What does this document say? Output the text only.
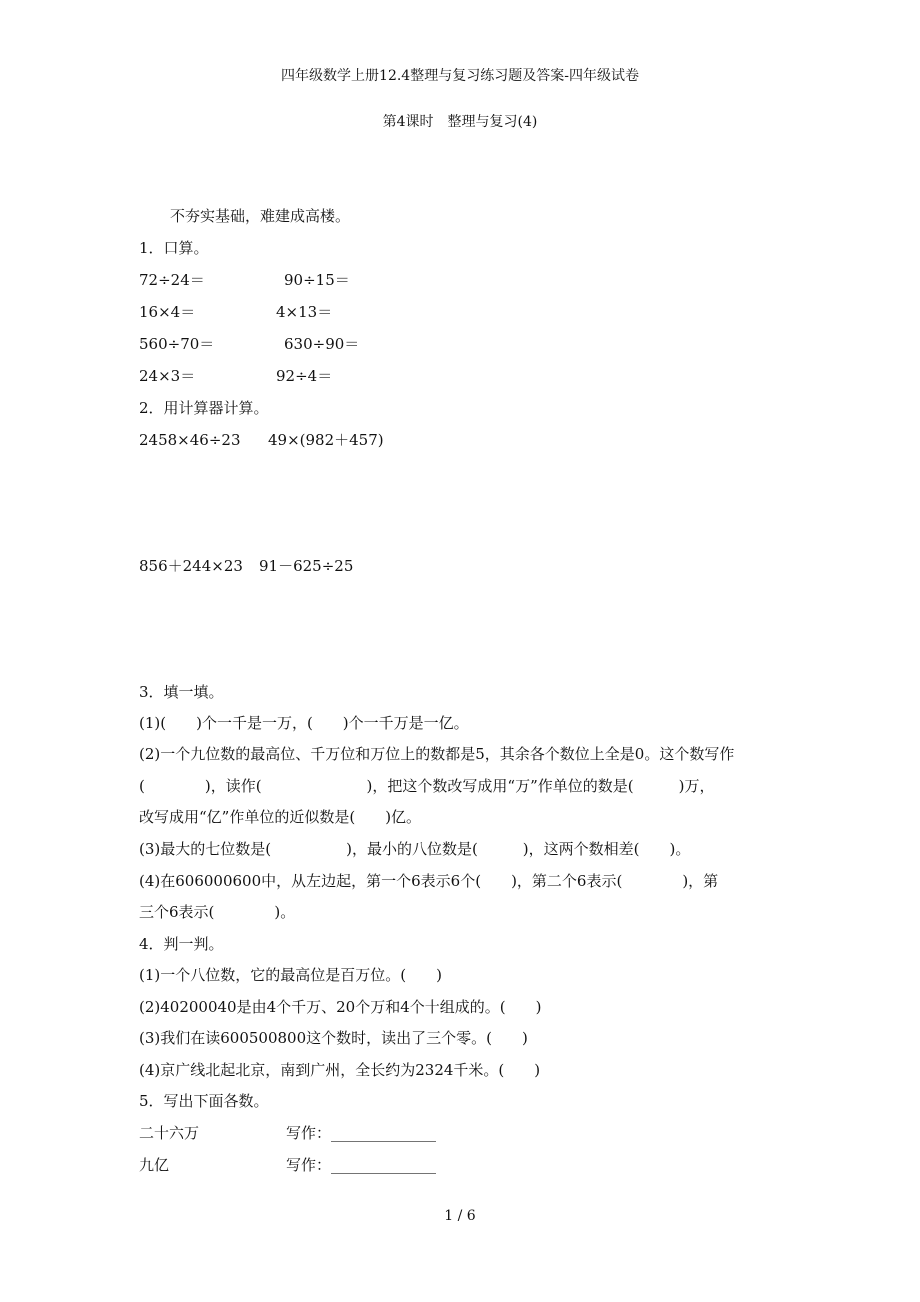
四年级数学上册12.4整理与复习练习题及答案-四年级试卷
第4课时　整理与复习(4)
不夯实基础，难建成高楼。
1．口算。
72÷24＝	90÷15＝
16×4＝	4×13＝
560÷70＝	630÷90＝
24×3＝	92÷4＝
2．用计算器计算。
2458×46÷23 49×(982＋457)
856＋244×23 91－625÷25
3．填一填。
(1)(　　)个一千是一万，(　　)个一千万是一亿。
(2)一个九位数的最高位、千万位和万位上的数都是5，其余各个数位上全是0。这个数写作
(　　　　)，读作(　　　　　　　)，把这个数改写成用“万”作单位的数是(　　　)万，
改写成用“亿”作单位的近似数是(　　)亿。
(3)最大的七位数是(　　　　　)，最小的八位数是(　　　)，这两个数相差(　　)。
(4)在606000600中，从左边起，第一个6表示6个(　　)，第二个6表示(　　　　)，第
三个6表示(　　　　)。
4．判一判。
(1)一个八位数，它的最高位是百万位。(　　)
(2)40200040是由4个千万、20个万和4个十组成的。(　　)
(3)我们在读600500800这个数时，读出了三个零。(　　)
(4)京广线北起北京，南到广州，全长约为2324千米。(　　)
5．写出下面各数。
二十六万	写作：______________
九亿	写作：______________
1 / 6
